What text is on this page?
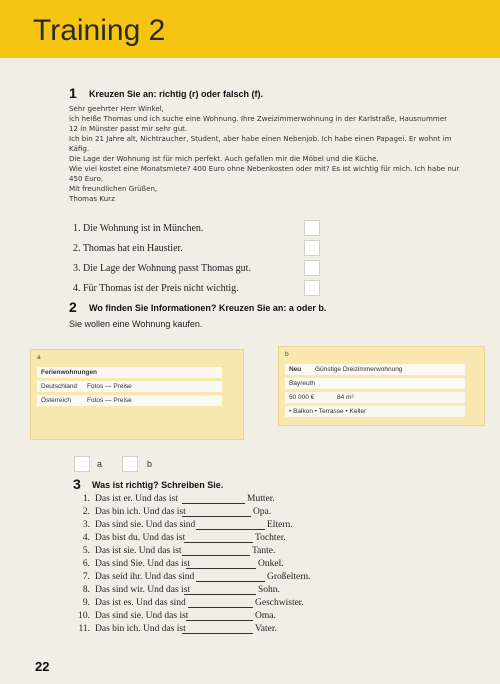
Training 2
1 Kreuzen Sie an: richtig (r) oder falsch (f).

Sehr geehrter Herr Winkel,

ich heiße Thomas und ich suche eine Wohnung. Ihre Zweizimmerwohnung in der Karlstraße, Hausnummer

12 in Münster passt mir sehr gut.

Ich bin 21 Jahre alt, Nichtraucher, Student, aber habe einen Nebenjob. Ich habe einen Papagei. Er wohnt im

Käfig.

Die Lage der Wohnung ist für mich perfekt. Auch gefallen mir die Möbel und die Küche.

Wie viel kostet eine Monatsmiete? 400 Euro ohne Nebenkosten oder mit? Es ist wichtig für mich. Ich habe nur

450 Euro.

Mit freundlichen Grüßen,

Thomas Kurz

1. Die Wohnung ist in München.
2. Thomas hat ein Haustier.
3. Die Lage der Wohnung passt Thomas gut.
4. Für Thomas ist der Preis nicht wichtig.
2 Wo finden Sie Informationen? Kreuzen Sie an: a oder b.
Sie wollen eine Wohnung kaufen.
a
Ferienwohnungen
Deutschland Fotos — Preise
Österreich Fotos — Preise
b
Neu Günstige Dreizimmerwohnung
Bayreuth
50 000 €	84 m²
• Balkon • Terrasse • Keller
a	b
3 Was ist richtig? Schreiben Sie.
1. Das ist er. Und das ist	Mutter.
2. Das bin ich. Und das ist	Opa.
3. Das sind sie. Und das sind	Eltern.
4. Das bist du. Und das ist	Tochter.
5. Das ist sie. Und das ist	Tante.
6. Das sind Sie. Und das ist	Onkel.
7. Das seid ihr. Und das sind	Großeltern.
8. Das sind wir. Und das ist	Sohn.
9. Das ist es. Und das sind	Geschwister.
10. Das sind sie. Und das ist	Oma.
11. Das bin ich. Und das ist	Vater.
22
